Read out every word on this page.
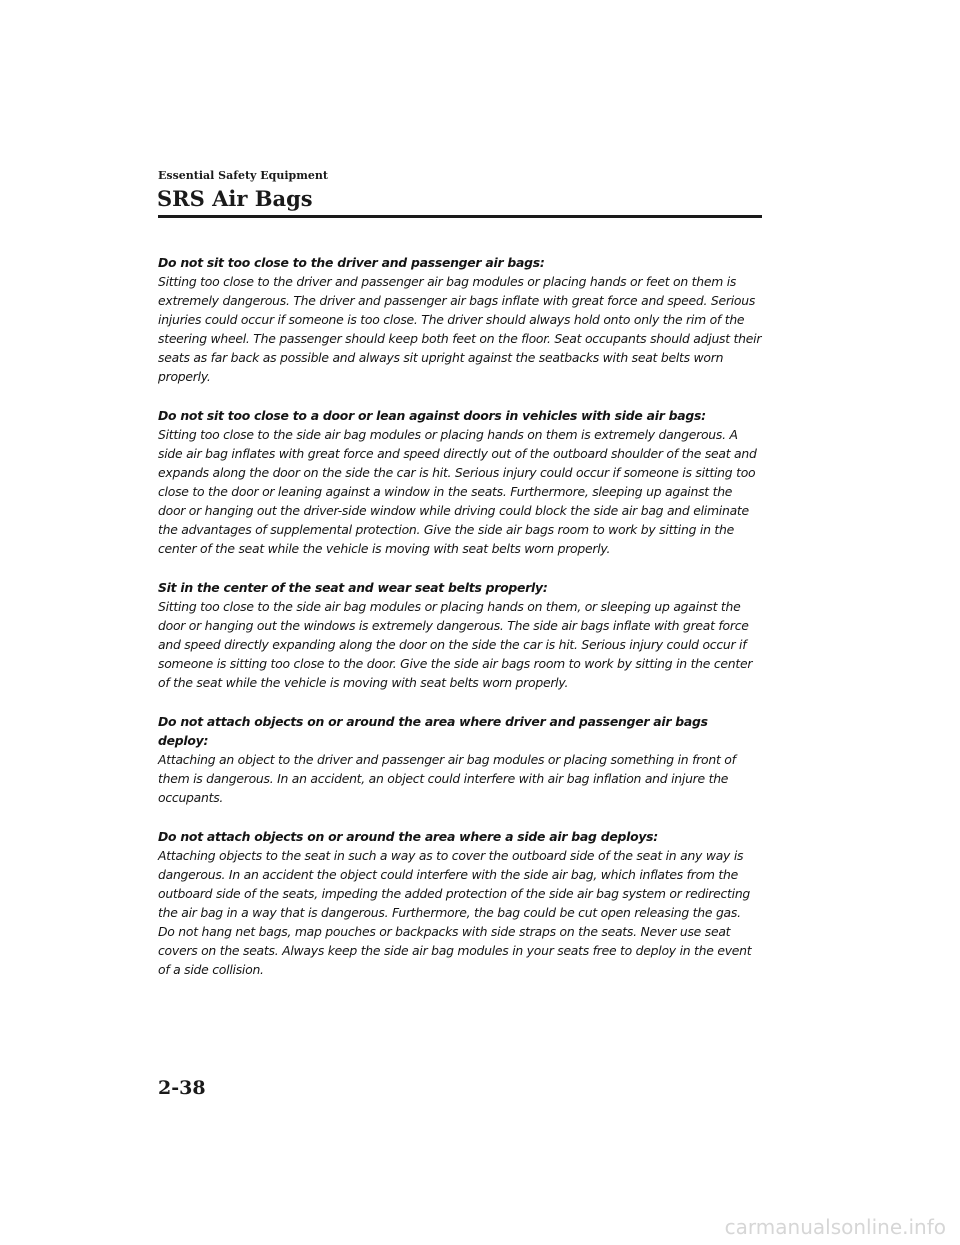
Essential Safety Equipment
SRS Air Bags
Do not sit too close to the driver and passenger air bags:
Sitting too close to the driver and passenger air bag modules or placing hands or feet on them is extremely dangerous. The driver and passenger air bags inflate with great force and speed. Serious injuries could occur if someone is too close. The driver should always hold onto only the rim of the steering wheel. The passenger should keep both feet on the floor. Seat occupants should adjust their seats as far back as possible and always sit upright against the seatbacks with seat belts worn properly.
Do not sit too close to a door or lean against doors in vehicles with side air bags:
Sitting too close to the side air bag modules or placing hands on them is extremely dangerous. A side air bag inflates with great force and speed directly out of the outboard shoulder of the seat and expands along the door on the side the car is hit. Serious injury could occur if someone is sitting too close to the door or leaning against a window in the seats. Furthermore, sleeping up against the door or hanging out the driver-side window while driving could block the side air bag and eliminate the advantages of supplemental protection. Give the side air bags room to work by sitting in the center of the seat while the vehicle is moving with seat belts worn properly.
Sit in the center of the seat and wear seat belts properly:
Sitting too close to the side air bag modules or placing hands on them, or sleeping up against the door or hanging out the windows is extremely dangerous. The side air bags inflate with great force and speed directly expanding along the door on the side the car is hit. Serious injury could occur if someone is sitting too close to the door. Give the side air bags room to work by sitting in the center of the seat while the vehicle is moving with seat belts worn properly.
Do not attach objects on or around the area where driver and passenger air bags deploy:
Attaching an object to the driver and passenger air bag modules or placing something in front of them is dangerous. In an accident, an object could interfere with air bag inflation and injure the occupants.
Do not attach objects on or around the area where a side air bag deploys:
Attaching objects to the seat in such a way as to cover the outboard side of the seat in any way is dangerous. In an accident the object could interfere with the side air bag, which inflates from the outboard side of the seats, impeding the added protection of the side air bag system or redirecting the air bag in a way that is dangerous. Furthermore, the bag could be cut open releasing the gas.
Do not hang net bags, map pouches or backpacks with side straps on the seats. Never use seat covers on the seats. Always keep the side air bag modules in your seats free to deploy in the event of a side collision.
2-38
carmanualsonline.info
